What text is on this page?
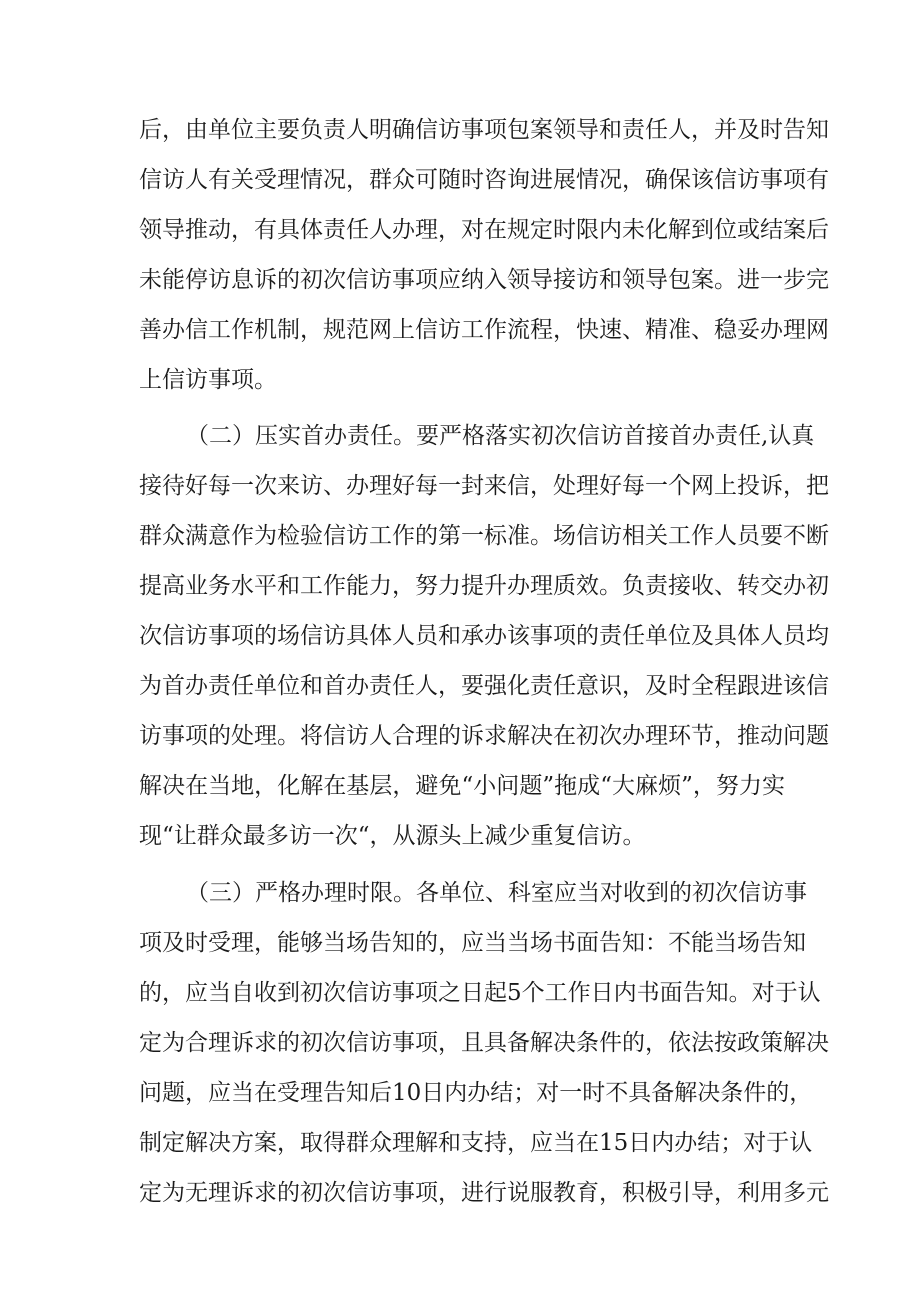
后，由单位主要负责人明确信访事项包案领导和责任人，并及时告知
信访人有关受理情况，群众可随时咨询进展情况，确保该信访事项有
领导推动，有具体责任人办理，对在规定时限内未化解到位或结案后
未能停访息诉的初次信访事项应纳入领导接访和领导包案。进一步完
善办信工作机制，规范网上信访工作流程，快速、精准、稳妥办理网
上信访事项。
（二）压实首办责任。要严格落实初次信访首接首办责任,认真
接待好每一次来访、办理好每一封来信，处理好每一个网上投诉，把
群众满意作为检验信访工作的第一标准。场信访相关工作人员要不断
提高业务水平和工作能力，努力提升办理质效。负责接收、转交办初
次信访事项的场信访具体人员和承办该事项的责任单位及具体人员均
为首办责任单位和首办责任人，要强化责任意识，及时全程跟进该信
访事项的处理。将信访人合理的诉求解决在初次办理环节，推动问题
解决在当地，化解在基层，避免“小问题”拖成“大麻烦”，努力实
现“让群众最多访一次“，从源头上减少重复信访。
（三）严格办理时限。各单位、科室应当对收到的初次信访事
项及时受理，能够当场告知的，应当当场书面告知：不能当场告知
的，应当自收到初次信访事项之日起5个工作日内书面告知。对于认
定为合理诉求的初次信访事项，且具备解决条件的，依法按政策解决
问题，应当在受理告知后10日内办结；对一时不具备解决条件的，
制定解决方案，取得群众理解和支持，应当在15日内办结；对于认
定为无理诉求的初次信访事项，进行说服教育，积极引导，利用多元
